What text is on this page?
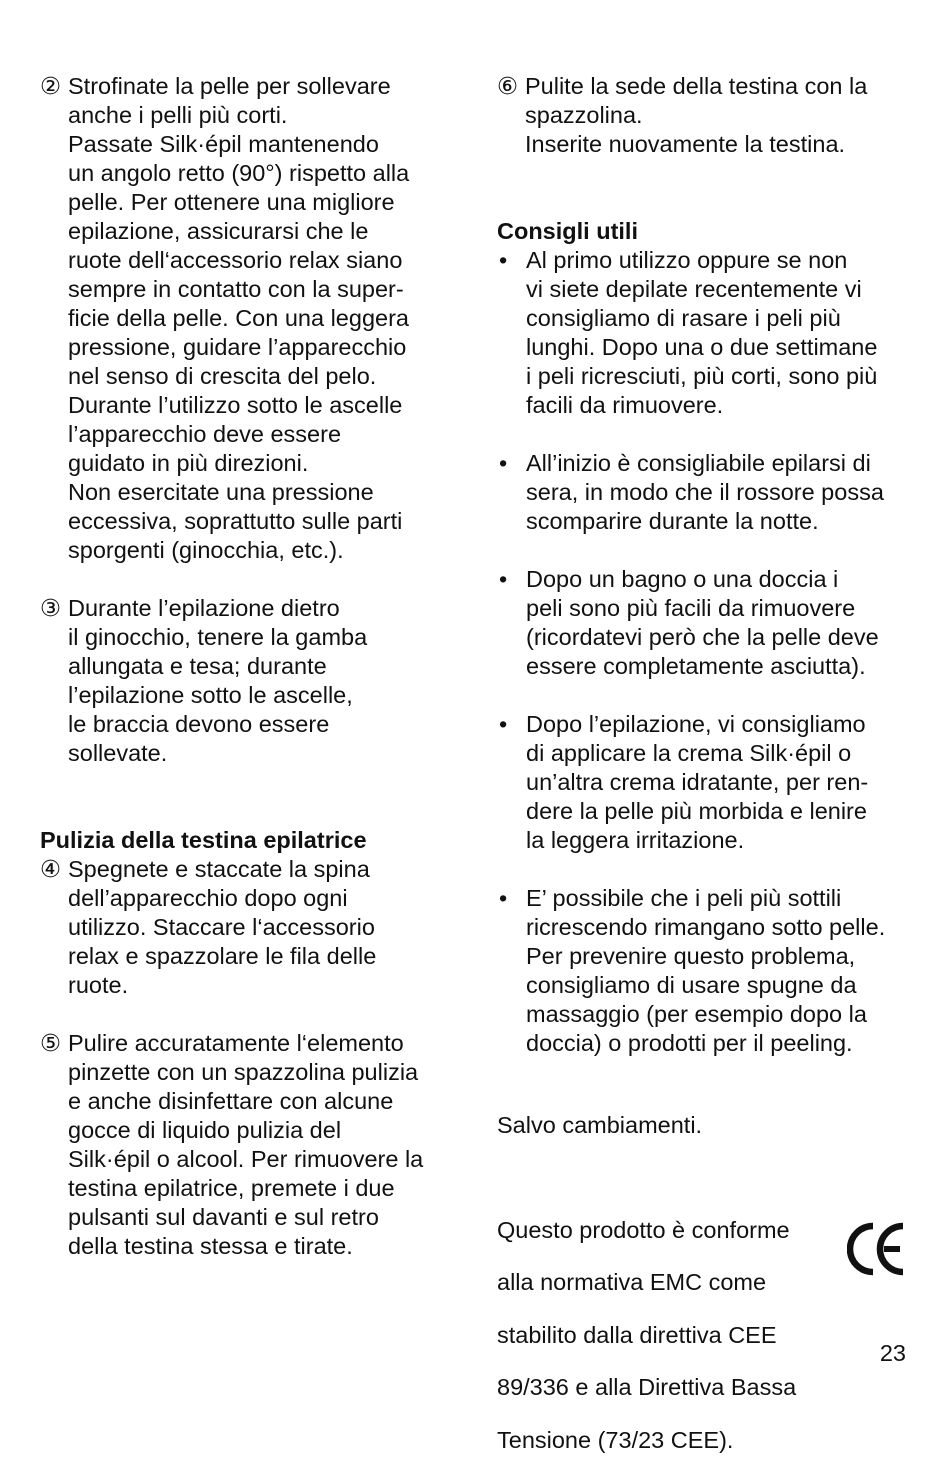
② Strofinate la pelle per sollevare

anche i pelli più corti.

Passate Silk·épil mantenendo

un angolo retto (90°) rispetto alla

pelle. Per ottenere una migliore

epilazione, assicurarsi che le

ruote dell‘accessorio relax siano

sempre in contatto con la super-

ficie della pelle. Con una leggera

pressione, guidare l’apparecchio

nel senso di crescita del pelo.

Durante l’utilizzo sotto le ascelle

l’apparecchio deve essere

guidato in più direzioni.

Non esercitate una pressione

eccessiva, soprattutto sulle parti

sporgenti (ginocchia, etc.).

③ Durante l’epilazione dietro

il ginocchio, tenere la gamba

allungata e tesa; durante

l’epilazione sotto le ascelle,

le braccia devono essere

sollevate.

Pulizia della testina epilatrice

④ Spegnete e staccate la spina

dell’apparecchio dopo ogni

utilizzo. Staccare l‘accessorio

relax e spazzolare le fila delle

ruote.

⑤ Pulire accuratamente l‘elemento

pinzette con un spazzolina pulizia

e anche disinfettare con alcune

gocce di liquido pulizia del

Silk·épil o alcool. Per rimuovere la

testina epilatrice, premete i due

pulsanti sul davanti e sul retro

della testina stessa e tirate.

⑥ Pulite la sede della testina con la

spazzolina.

Inserite nuovamente la testina.

Consigli utili

• Al primo utilizzo oppure se non

vi siete depilate recentemente vi

consigliamo di rasare i peli più

lunghi. Dopo una o due settimane

i peli ricresciuti, più corti, sono più

facili da rimuovere.

• All’inizio è consigliabile epilarsi di

sera, in modo che il rossore possa

scomparire durante la notte.

• Dopo un bagno o una doccia i

peli sono più facili da rimuovere

(ricordatevi però che la pelle deve

essere completamente asciutta).

• Dopo l’epilazione, vi consigliamo

di applicare la crema Silk·épil o

un’altra crema idratante, per ren-

dere la pelle più morbida e lenire

la leggera irritazione.

• E’ possibile che i peli più sottili

ricrescendo rimangano sotto pelle.

Per prevenire questo problema,

consigliamo di usare spugne da

massaggio (per esempio dopo la

doccia) o prodotti per il peeling.

Salvo cambiamenti.

Questo prodotto è conforme

alla normativa EMC come

stabilito dalla direttiva CEE

89/336 e alla Direttiva Bassa

Tensione (73/23 CEE).

23
